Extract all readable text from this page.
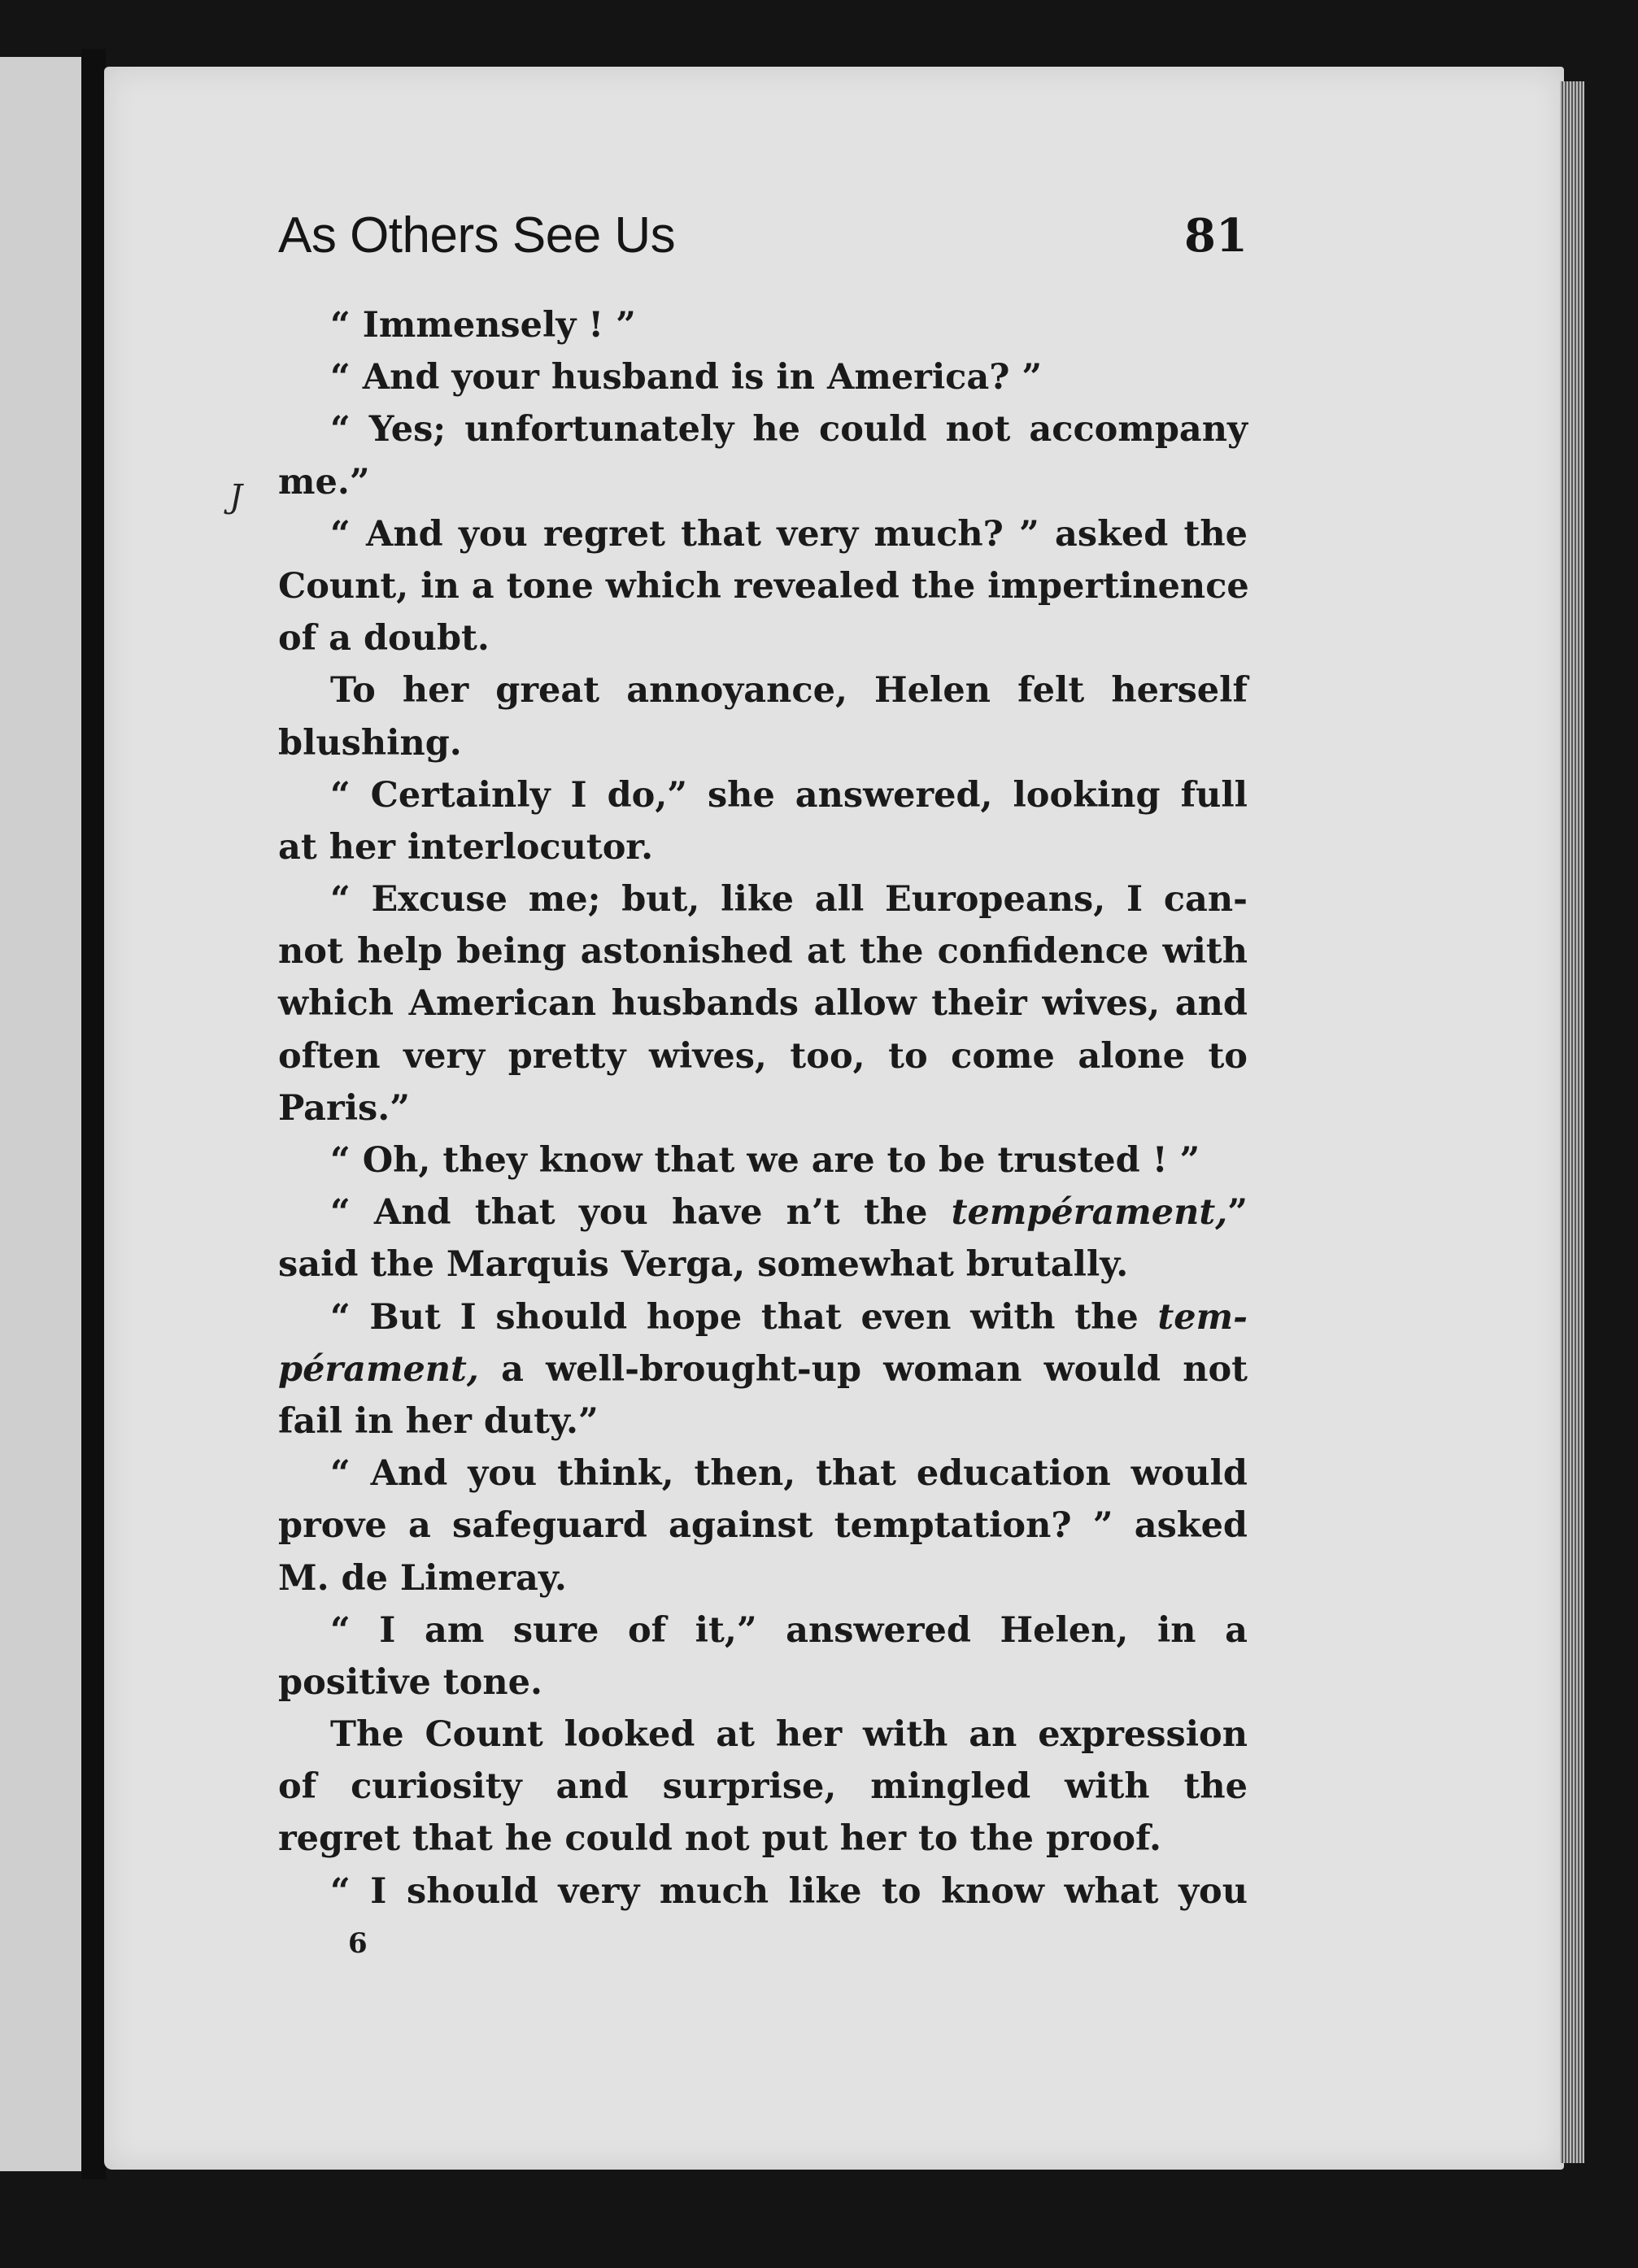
As Others See Us	81
J
“ Immensely ! ”
“ And your husband is in America? ”
“ Yes; unfortunately he could not accompany
me.”
“ And you regret that very much? ” asked the
Count, in a tone which revealed the impertinence
of a doubt.
To her great annoyance, Helen felt herself
blushing.
“ Certainly I do,” she answered, looking full
at her interlocutor.
“ Excuse me; but, like all Europeans, I can-
not help being astonished at the confidence with
which American husbands allow their wives, and
often very pretty wives, too, to come alone to
Paris.”
“ Oh, they know that we are to be trusted ! ”
“ And that you have n’t the tempérament,”
said the Marquis Verga, somewhat brutally.
“ But I should hope that even with the tem-
pérament, a well-brought-up woman would not
fail in her duty.”
“ And you think, then, that education would
prove a safeguard against temptation? ” asked
M. de Limeray.
“ I am sure of it,” answered Helen, in a
positive tone.
The Count looked at her with an expression
of curiosity and surprise, mingled with the
regret that he could not put her to the proof.
“ I should very much like to know what you
6
